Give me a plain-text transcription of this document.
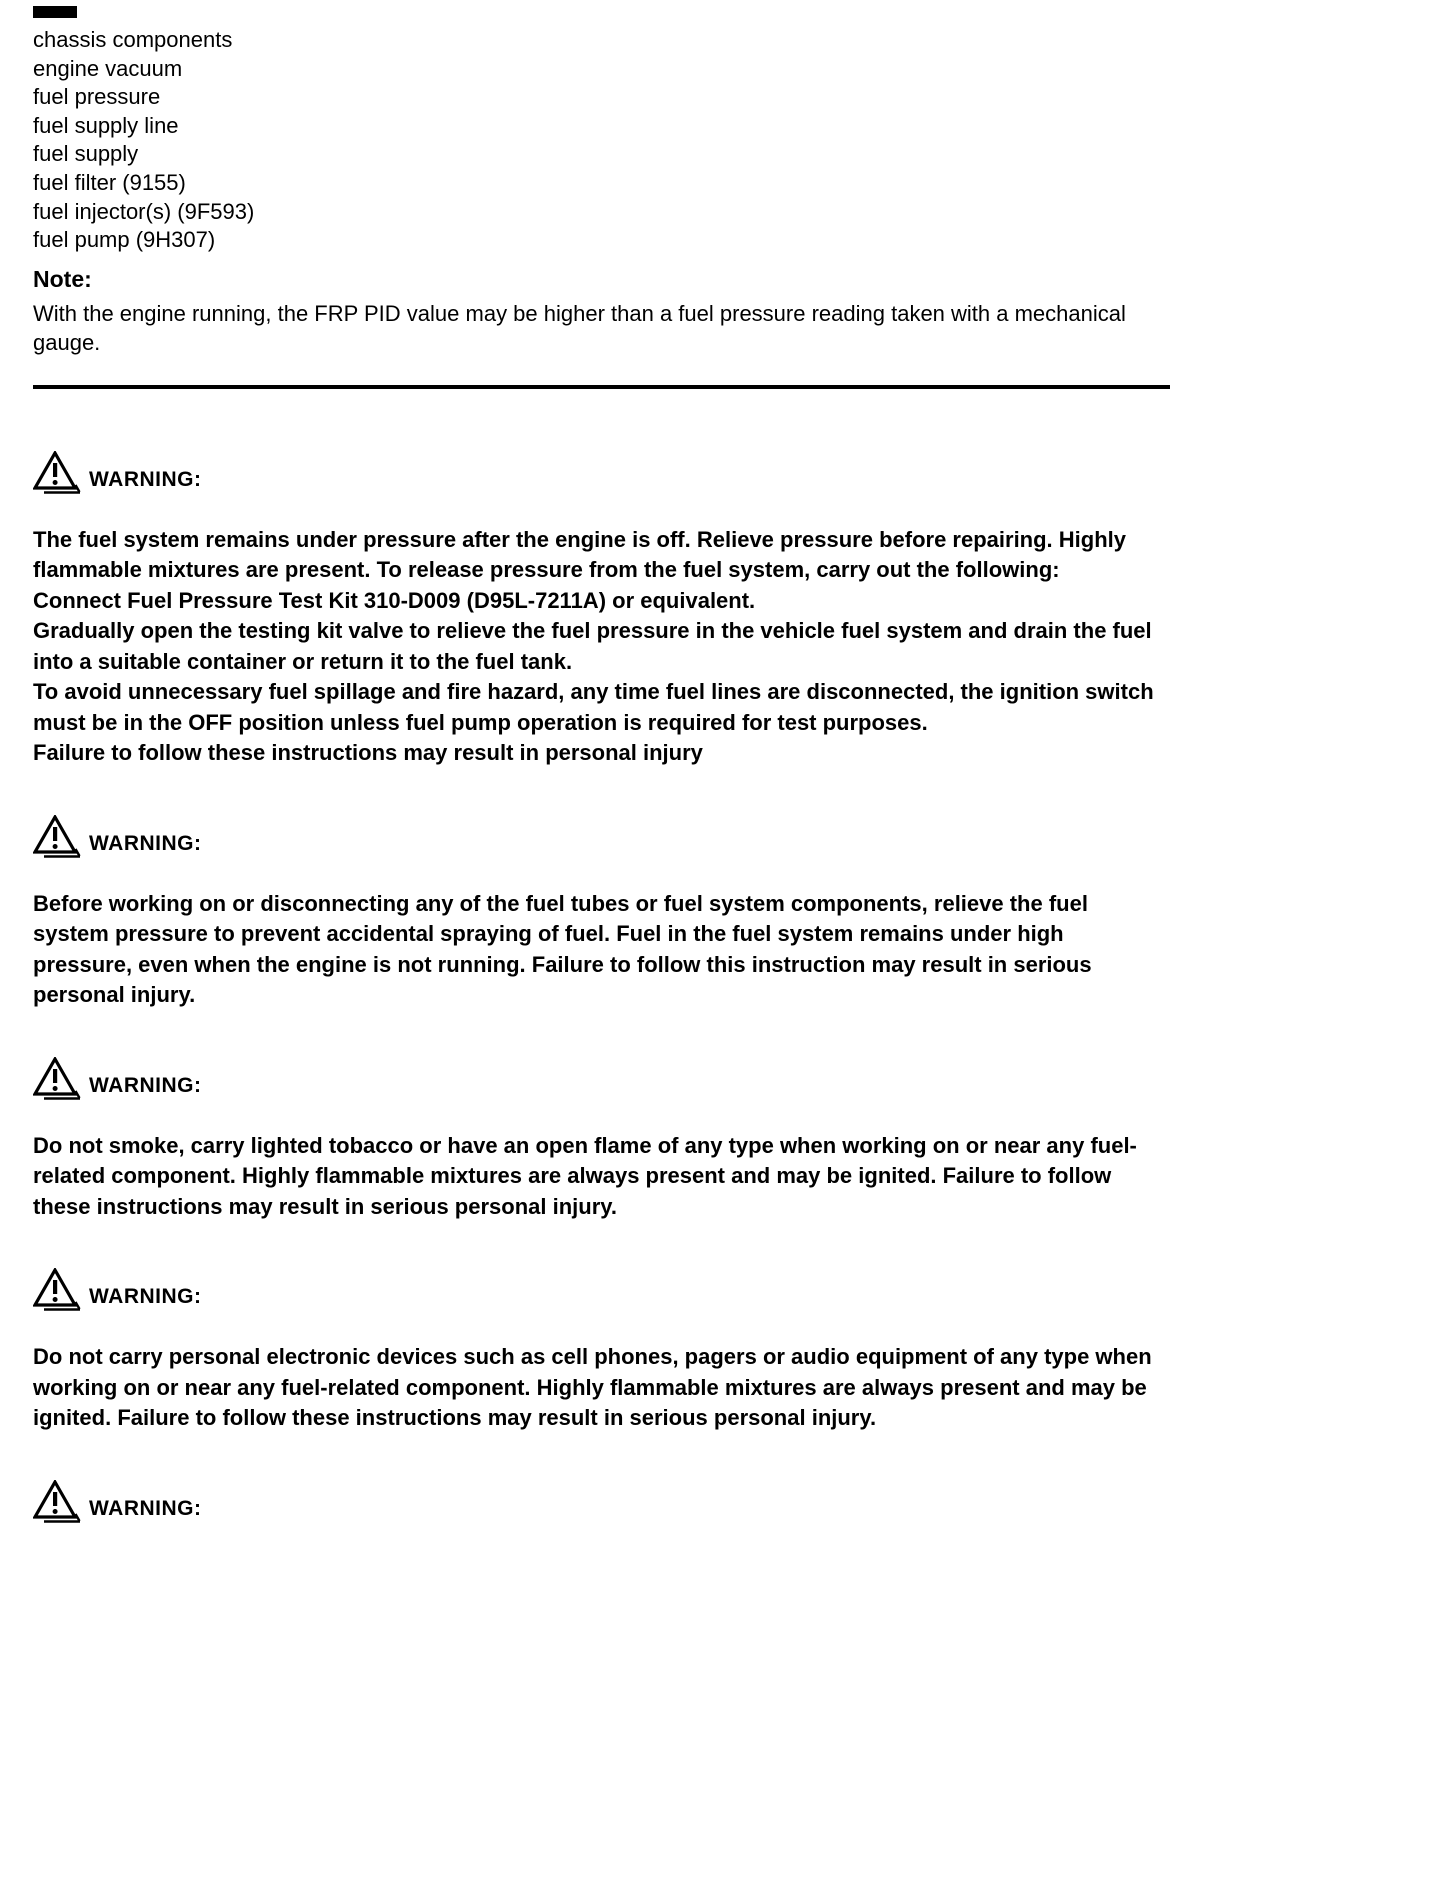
chassis components
engine vacuum
fuel pressure
fuel supply line
fuel supply
fuel filter (9155)
fuel injector(s) (9F593)
fuel pump (9H307)
Note:

With the engine running, the FRP PID value may be higher than a fuel pressure reading taken with a mechanical gauge.

WARNING:

The fuel system remains under pressure after the engine is off. Relieve pressure before repairing. Highly flammable mixtures are present. To release pressure from the fuel system, carry out the following:

Connect Fuel Pressure Test Kit 310-D009 (D95L-7211A) or equivalent.

Gradually open the testing kit valve to relieve the fuel pressure in the vehicle fuel system and drain the fuel into a suitable container or return it to the fuel tank.

To avoid unnecessary fuel spillage and fire hazard, any time fuel lines are disconnected, the ignition switch must be in the OFF position unless fuel pump operation is required for test purposes.

Failure to follow these instructions may result in personal injury

WARNING:

Before working on or disconnecting any of the fuel tubes or fuel system components, relieve the fuel system pressure to prevent accidental spraying of fuel. Fuel in the fuel system remains under high pressure, even when the engine is not running. Failure to follow this instruction may result in serious personal injury.

WARNING:

Do not smoke, carry lighted tobacco or have an open flame of any type when working on or near any fuel-related component. Highly flammable mixtures are always present and may be ignited. Failure to follow these instructions may result in serious personal injury.

WARNING:

Do not carry personal electronic devices such as cell phones, pagers or audio equipment of any type when working on or near any fuel-related component. Highly flammable mixtures are always present and may be ignited. Failure to follow these instructions may result in serious personal injury.

WARNING:
